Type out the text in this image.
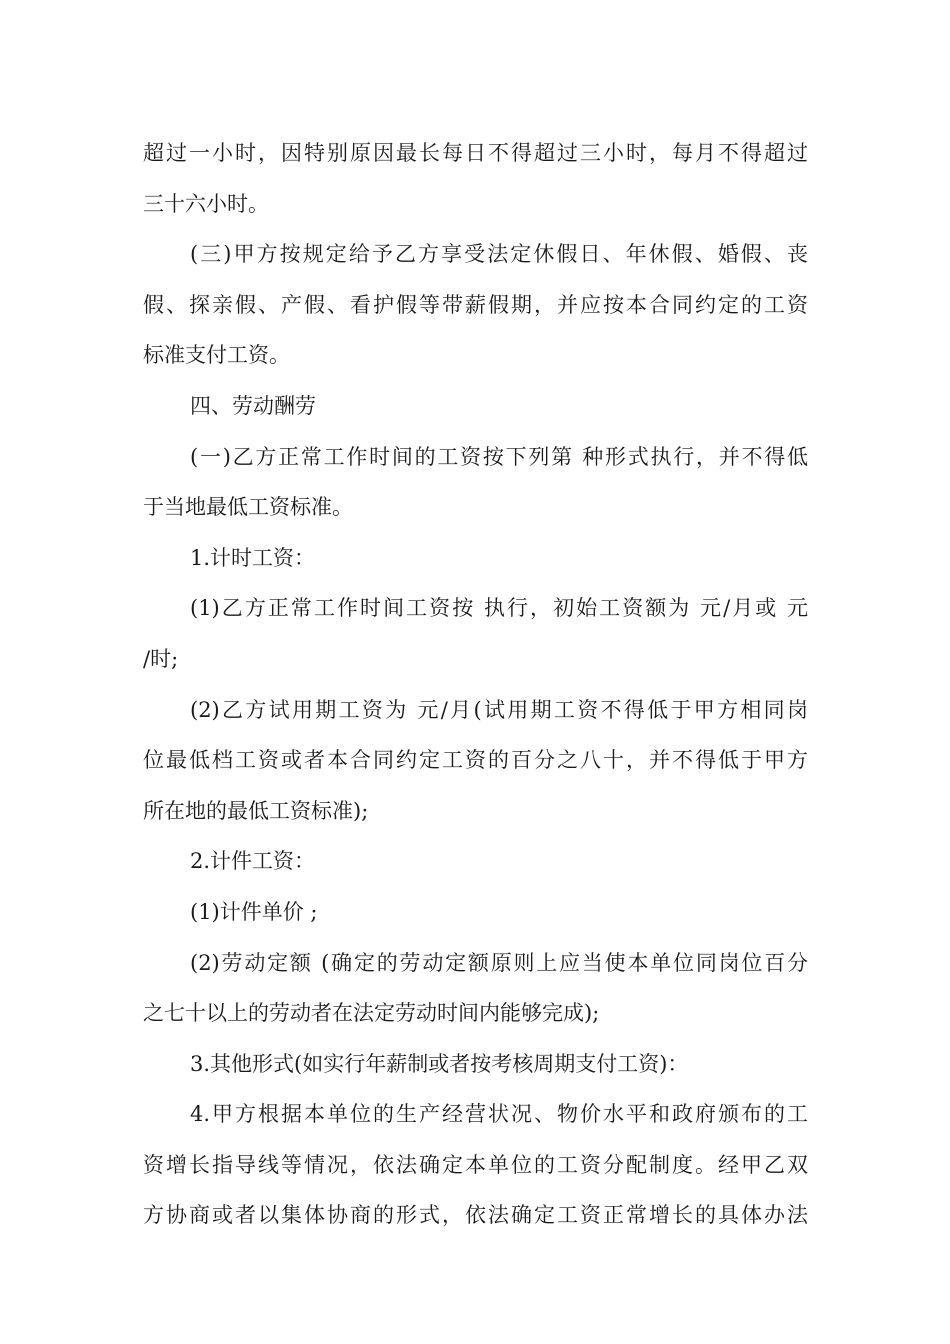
超过一小时，因特别原因最长每日不得超过三小时，每月不得超过
三十六小时。
(三)甲方按规定给予乙方享受法定休假日、年休假、婚假、丧
假、探亲假、产假、看护假等带薪假期，并应按本合同约定的工资
标准支付工资。
四、劳动酬劳
(一)乙方正常工作时间的工资按下列第 种形式执行，并不得低
于当地最低工资标准。
1.计时工资：
(1)乙方正常工作时间工资按 执行，初始工资额为 元/月或 元
/时;
(2)乙方试用期工资为 元/月(试用期工资不得低于甲方相同岗
位最低档工资或者本合同约定工资的百分之八十，并不得低于甲方
所在地的最低工资标准);
2.计件工资：
(1)计件单价 ;
(2)劳动定额 (确定的劳动定额原则上应当使本单位同岗位百分
之七十以上的劳动者在法定劳动时间内能够完成);
3.其他形式(如实行年薪制或者按考核周期支付工资)：
4.甲方根据本单位的生产经营状况、物价水平和政府颁布的工
资增长指导线等情况，依法确定本单位的工资分配制度。经甲乙双
方协商或者以集体协商的形式，依法确定工资正常增长的具体办法
